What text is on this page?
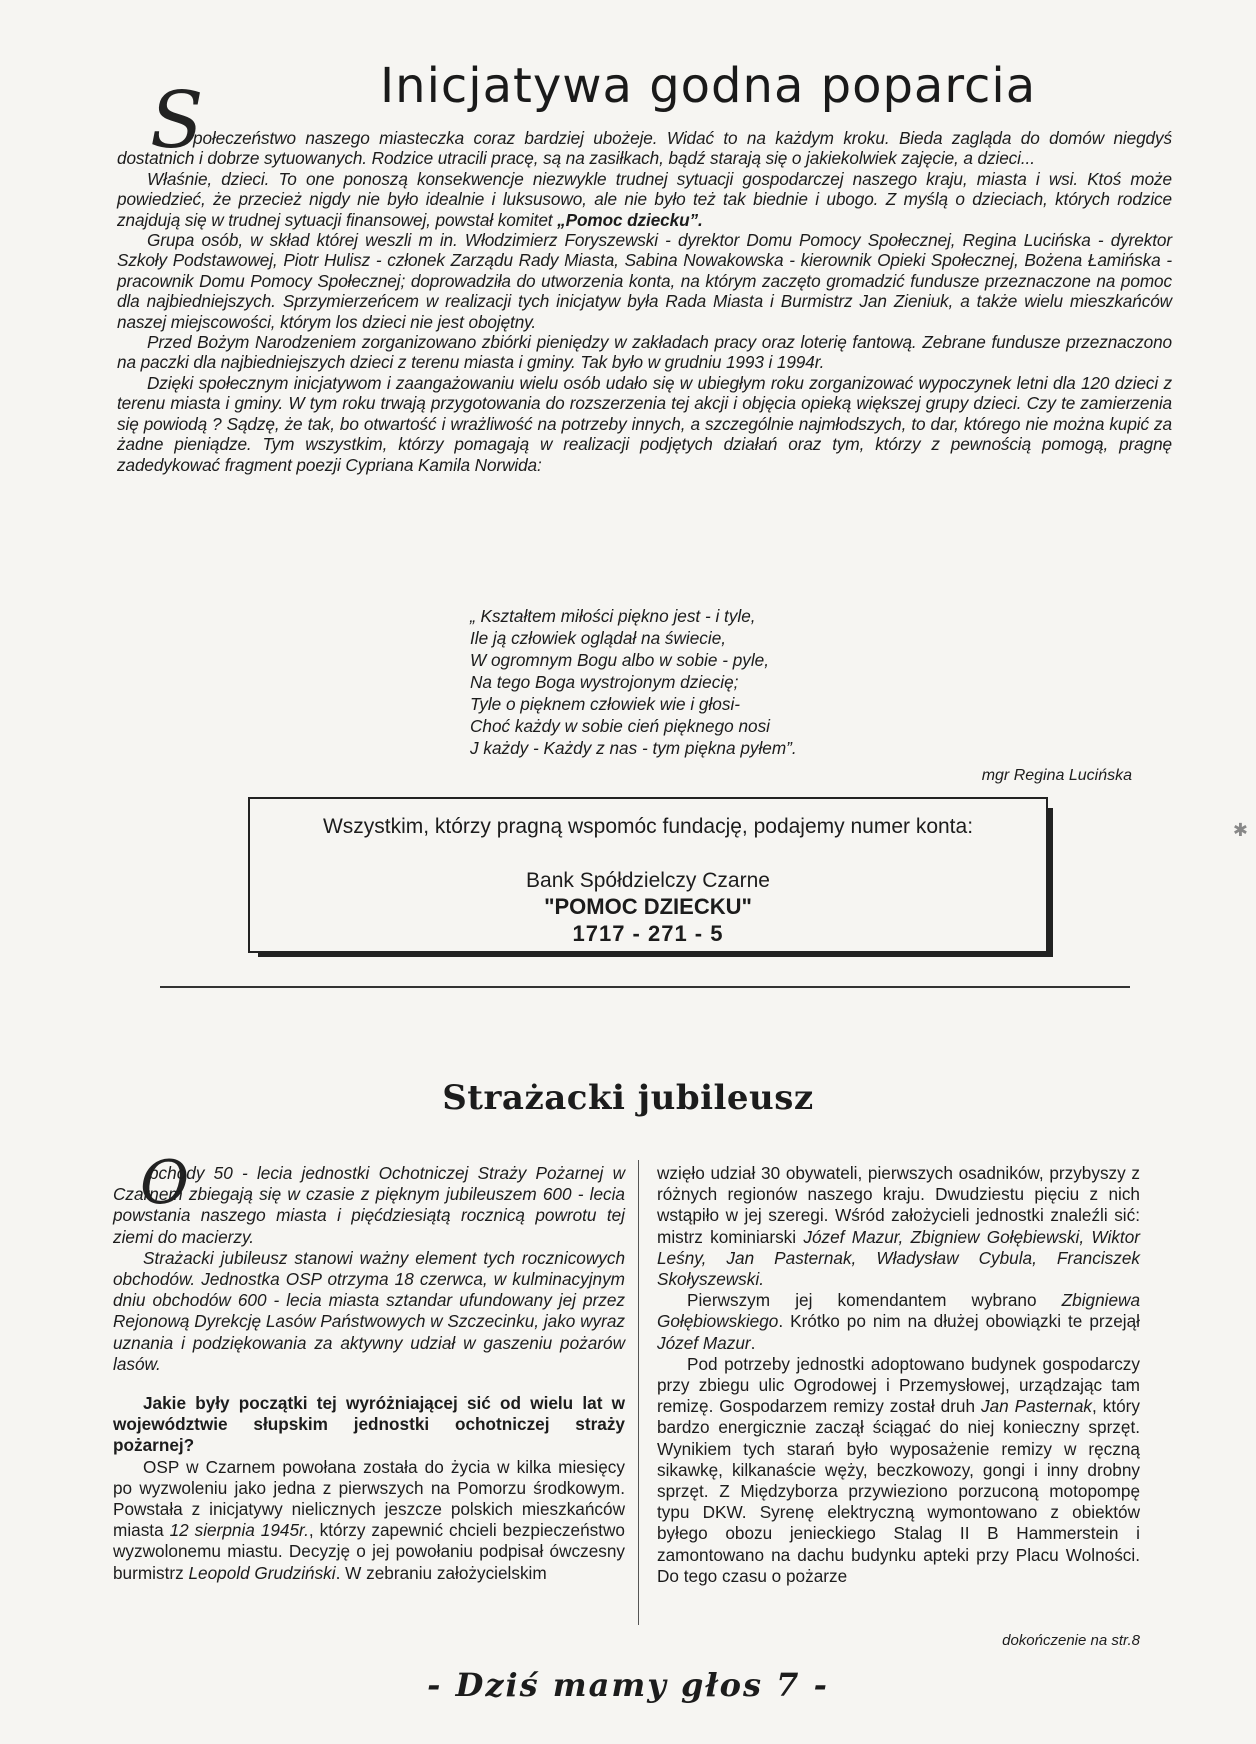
Inicjatywa godna poparcia
S

połeczeństwo naszego miasteczka coraz bardziej ubożeje. Widać to na każdym kroku. Bieda zagląda do domów niegdyś dostatnich i dobrze sytuowanych. Rodzice utracili pracę, są na zasiłkach, bądź starają się o jakiekolwiek zajęcie, a dzieci...

Właśnie, dzieci. To one ponoszą konsekwencje niezwykle trudnej sytuacji gospodarczej naszego kraju, miasta i wsi. Ktoś może powiedzieć, że przecież nigdy nie było idealnie i luksusowo, ale nie było też tak biednie i ubogo. Z myślą o dzieciach, których rodzice znajdują się w trudnej sytuacji finansowej, powstał komitet „Pomoc dziecku”.

Grupa osób, w skład której weszli m in. Włodzimierz Foryszewski - dyrektor Domu Pomocy Społecznej, Regina Lucińska - dyrektor Szkoły Podstawowej, Piotr Hulisz - członek Zarządu Rady Miasta, Sabina Nowakowska - kierownik Opieki Społecznej, Bożena Łamińska - pracownik Domu Pomocy Społecznej; doprowadziła do utworzenia konta, na którym zaczęto gromadzić fundusze przeznaczone na pomoc dla najbiedniejszych. Sprzymierzeńcem w realizacji tych inicjatyw była Rada Miasta i Burmistrz Jan Zieniuk, a także wielu mieszkańców naszej miejscowości, którym los dzieci nie jest obojętny.

Przed Bożym Narodzeniem zorganizowano zbiórki pieniędzy w zakładach pracy oraz loterię fantową. Zebrane fundusze przeznaczono na paczki dla najbiedniejszych dzieci z terenu miasta i gminy. Tak było w grudniu 1993 i 1994r.

Dzięki społecznym inicjatywom i zaangażowaniu wielu osób udało się w ubiegłym roku zorganizować wypoczynek letni dla 120 dzieci z terenu miasta i gminy. W tym roku trwają przygotowania do rozszerzenia tej akcji i objęcia opieką większej grupy dzieci. Czy te zamierzenia się powiodą ? Sądzę, że tak, bo otwartość i wrażliwość na potrzeby innych, a szczególnie najmłodszych, to dar, którego nie można kupić za żadne pieniądze. Tym wszystkim, którzy pomagają w realizacji podjętych działań oraz tym, którzy z pewnością pomogą, pragnę zadedykować fragment poezji Cypriana Kamila Norwida:

„ Kształtem miłości piękno jest - i tyle,
Ile ją człowiek oglądał na świecie,
W ogromnym Bogu albo w sobie - pyle,
Na tego Boga wystrojonym dziecię;
Tyle o pięknem człowiek wie i głosi-
Choć każdy w sobie cień pięknego nosi
J każdy - Każdy z nas - tym piękna pyłem”.
mgr Regina Lucińska
Wszystkim, którzy pragną wspomóc fundację, podajemy numer konta:
Bank Spółdzielczy Czarne
"POMOC DZIECKU"
1717 - 271 - 5
Strażacki jubileusz
O

bchody 50 - lecia jednostki Ochotniczej Straży Pożarnej w Czarnem zbiegają się w czasie z pięknym jubileuszem 600 - lecia powstania naszego miasta i pięćdziesiątą rocznicą powrotu tej ziemi do macierzy.

Strażacki jubileusz stanowi ważny element tych rocznicowych obchodów. Jednostka OSP otrzyma 18 czerwca, w kulminacyjnym dniu obchodów 600 - lecia miasta sztandar ufundowany jej przez Rejonową Dyrekcję Lasów Państwowych w Szczecinku, jako wyraz uznania i podziękowania za aktywny udział w gaszeniu pożarów lasów.

Jakie były początki tej wyróżniającej sić od wielu lat w województwie słupskim jednostki ochotniczej straży pożarnej?

OSP w Czarnem powołana została do życia w kilka miesięcy po wyzwoleniu jako jedna z pierwszych na Pomorzu środkowym. Powstała z inicjatywy nielicznych jeszcze polskich mieszkańców miasta 12 sierpnia 1945r., którzy zapewnić chcieli bezpieczeństwo wyzwolonemu miastu. Decyzję o jej powołaniu podpisał ówczesny burmistrz Leopold Grudziński. W zebraniu założycielskim

wzięło udział 30 obywateli, pierwszych osadników, przybyszy z różnych regionów naszego kraju. Dwudziestu pięciu z nich wstąpiło w jej szeregi. Wśród założycieli jednostki znaleźli sić: mistrz kominiarski Józef Mazur, Zbigniew Gołębiewski, Wiktor Leśny, Jan Pasternak, Władysław Cybula, Franciszek Skołyszewski.

Pierwszym jej komendantem wybrano Zbigniewa Gołębiowskiego. Krótko po nim na dłużej obowiązki te przejął Józef Mazur.

Pod potrzeby jednostki adoptowano budynek gospodarczy przy zbiegu ulic Ogrodowej i Przemysłowej, urządzając tam remizę. Gospodarzem remizy został druh Jan Pasternak, który bardzo energicznie zaczął ściągać do niej konieczny sprzęt. Wynikiem tych starań było wyposażenie remizy w ręczną sikawkę, kilkanaście węży, beczkowozy, gongi i inny drobny sprzęt. Z Międzyborza przywieziono porzuconą motopompę typu DKW. Syrenę elektryczną wymontowano z obiektów byłego obozu jenieckiego Stalag II B Hammerstein i zamontowano na dachu budynku apteki przy Placu Wolności. Do tego czasu o pożarze

dokończenie na str.8
- Dziś mamy głos 7 -
✱
